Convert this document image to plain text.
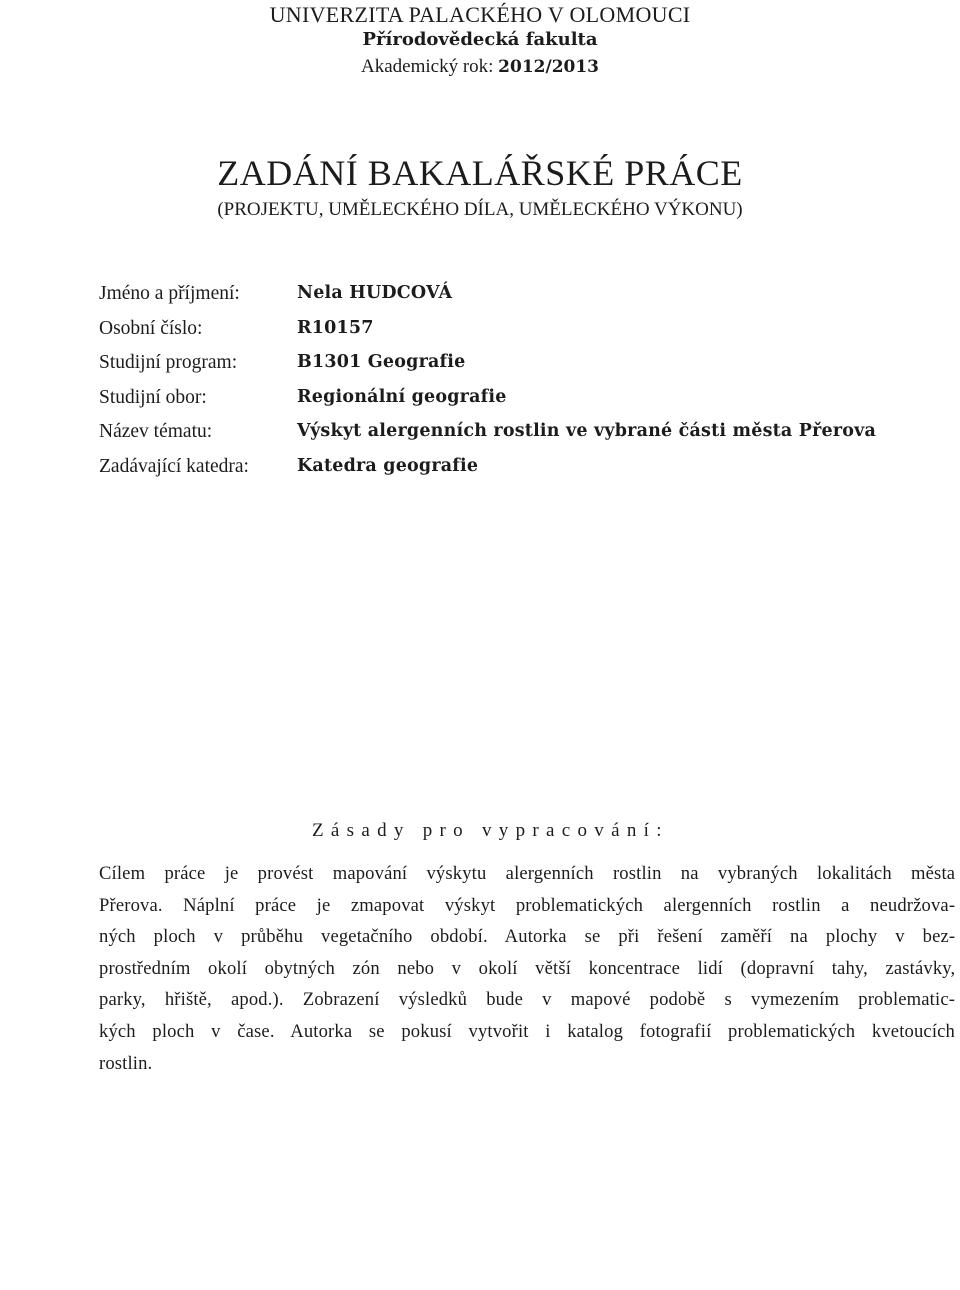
UNIVERZITA PALACKÉHO V OLOMOUCI
Přírodovědecká fakulta
Akademický rok: 2012/2013
ZADÁNÍ BAKALÁŘSKÉ PRÁCE
(PROJEKTU, UMĚLECKÉHO DÍLA, UMĚLECKÉHO VÝKONU)
Jméno a příjmení:	Nela HUDCOVÁ
Osobní číslo:	R10157
Studijní program:	B1301 Geografie
Studijní obor:	Regionální geografie
Název tématu:	Výskyt alergenních rostlin ve vybrané části města Přerova
Zadávající katedra:	Katedra geografie
Zásady pro vypracování:
Cílem práce je provést mapování výskytu alergenních rostlin na vybraných lokalitách města
Přerova. Náplní práce je zmapovat výskyt problematických alergenních rostlin a neudržova-
ných ploch v průběhu vegetačního období. Autorka se při řešení zaměří na plochy v bez-
prostředním okolí obytných zón nebo v okolí větší koncentrace lidí (dopravní tahy, zastávky,
parky, hřiště, apod.). Zobrazení výsledků bude v mapové podobě s vymezením problematic-
kých ploch v čase. Autorka se pokusí vytvořit i katalog fotografií problematických kvetoucích
rostlin.
